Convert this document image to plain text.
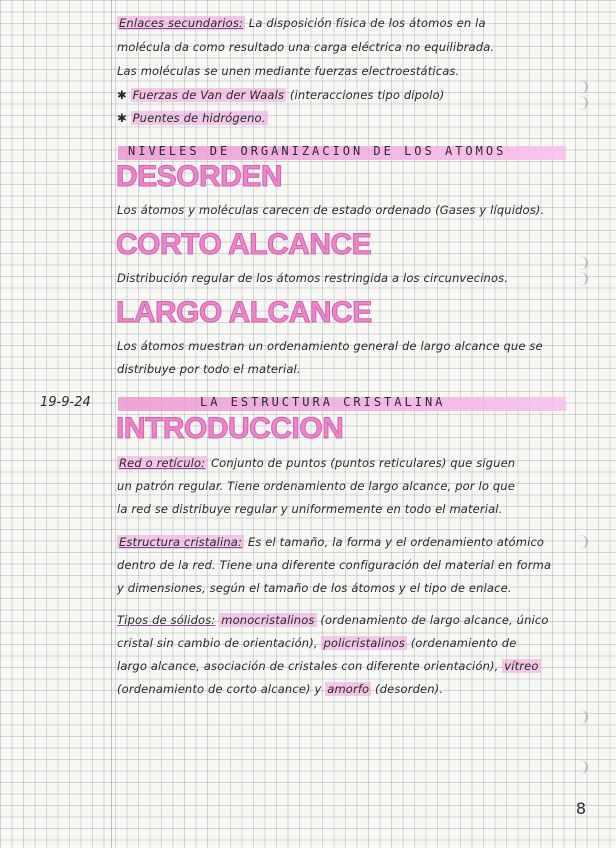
Enlaces secundarios: La disposición física de los átomos en la
molécula da como resultado una carga eléctrica no equilibrada.
Las moléculas se unen mediante fuerzas electroestáticas.
✱ Fuerzas de Van der Waals (interacciones tipo dipolo)
✱ Puentes de hidrógeno.
NIVELES DE ORGANIZACION DE LOS ATOMOS
DESORDEN
Los átomos y moléculas carecen de estado ordenado (Gases y líquidos).
CORTO ALCANCE
Distribución regular de los átomos restringida a los circunvecinos.
LARGO ALCANCE
Los átomos muestran un ordenamiento general de largo alcance que se
distribuye por todo el material.
19-9-24	LA ESTRUCTURA CRISTALINA
INTRODUCCION
Red o retículo: Conjunto de puntos (puntos reticulares) que siguen
un patrón regular. Tiene ordenamiento de largo alcance, por lo que
la red se distribuye regular y uniformemente en todo el material.
Estructura cristalina: Es el tamaño, la forma y el ordenamiento atómico
dentro de la red. Tiene una diferente configuración del material en forma
y dimensiones, según el tamaño de los átomos y el tipo de enlace.
Tipos de sólidos: monocristalinos (ordenamiento de largo alcance, único
cristal sin cambio de orientación), policristalinos (ordenamiento de
largo alcance, asociación de cristales con diferente orientación), vítreo
(ordenamiento de corto alcance) y amorfo (desorden).
8
